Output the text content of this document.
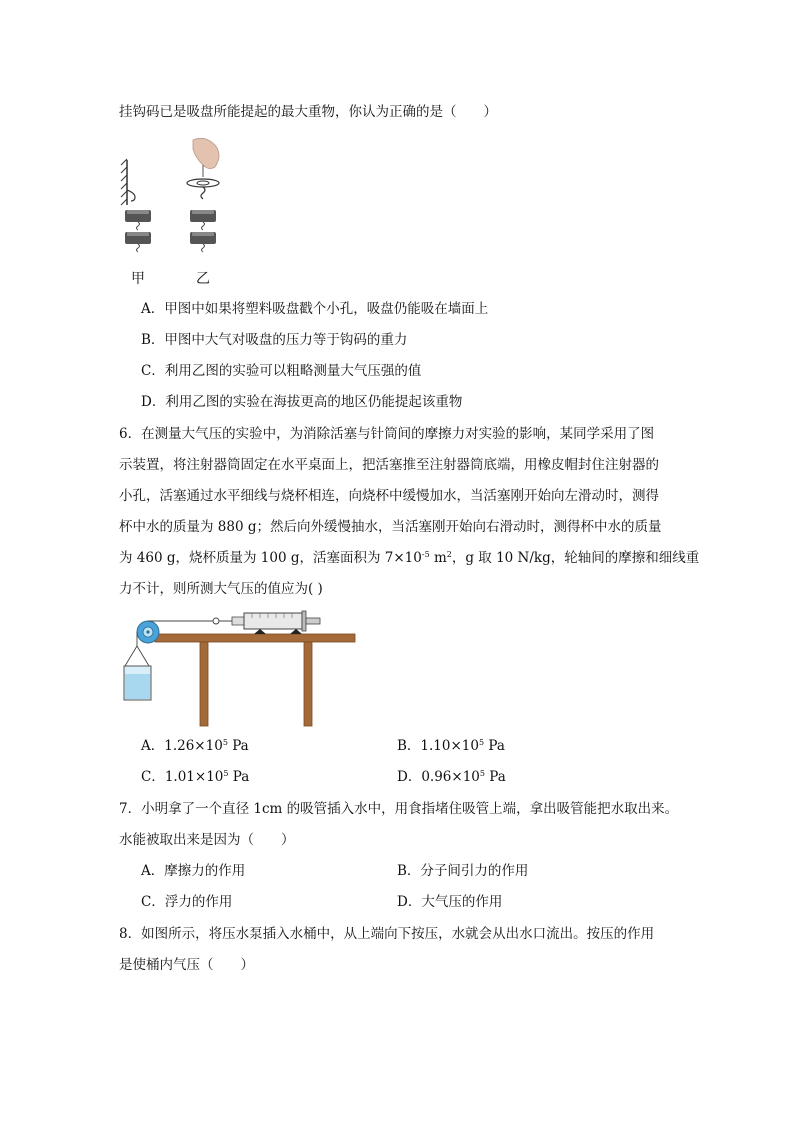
挂钩码已是吸盘所能提起的最大重物，你认为正确的是（　　）
甲	乙
A．甲图中如果将塑料吸盘戳个小孔，吸盘仍能吸在墙面上
B．甲图中大气对吸盘的压力等于钩码的重力
C．利用乙图的实验可以粗略测量大气压强的值
D．利用乙图的实验在海拔更高的地区仍能提起该重物
6．在测量大气压的实验中，为消除活塞与针筒间的摩擦力对实验的影响，某同学采用了图
示装置，将注射器筒固定在水平桌面上，把活塞推至注射器筒底端，用橡皮帽封住注射器的
小孔，活塞通过水平细线与烧杯相连，向烧杯中缓慢加水，当活塞刚开始向左滑动时，测得
杯中水的质量为 880 g；然后向外缓慢抽水，当活塞刚开始向右滑动时，测得杯中水的质量
为 460 g，烧杯质量为 100 g，活塞面积为 $7\times 10^{-5}$ $m^2$，g 取 10 N/kg，轮轴间的摩擦和细线重
力不计，则所测大气压的值应为( )
A．$1.26\times 10^5$ Pa	B．$1.10\times 10^5$ Pa
C．$1.01\times 10^5$ Pa	D．$0.96\times 10^5$ Pa
7．小明拿了一个直径 1cm 的吸管插入水中，用食指堵住吸管上端，拿出吸管能把水取出来。
水能被取出来是因为（　　）
A．摩擦力的作用	B．分子间引力的作用
C．浮力的作用	D．大气压的作用
8．如图所示，将压水泵插入水桶中，从上端向下按压，水就会从出水口流出。按压的作用
是使桶内气压（　　）
